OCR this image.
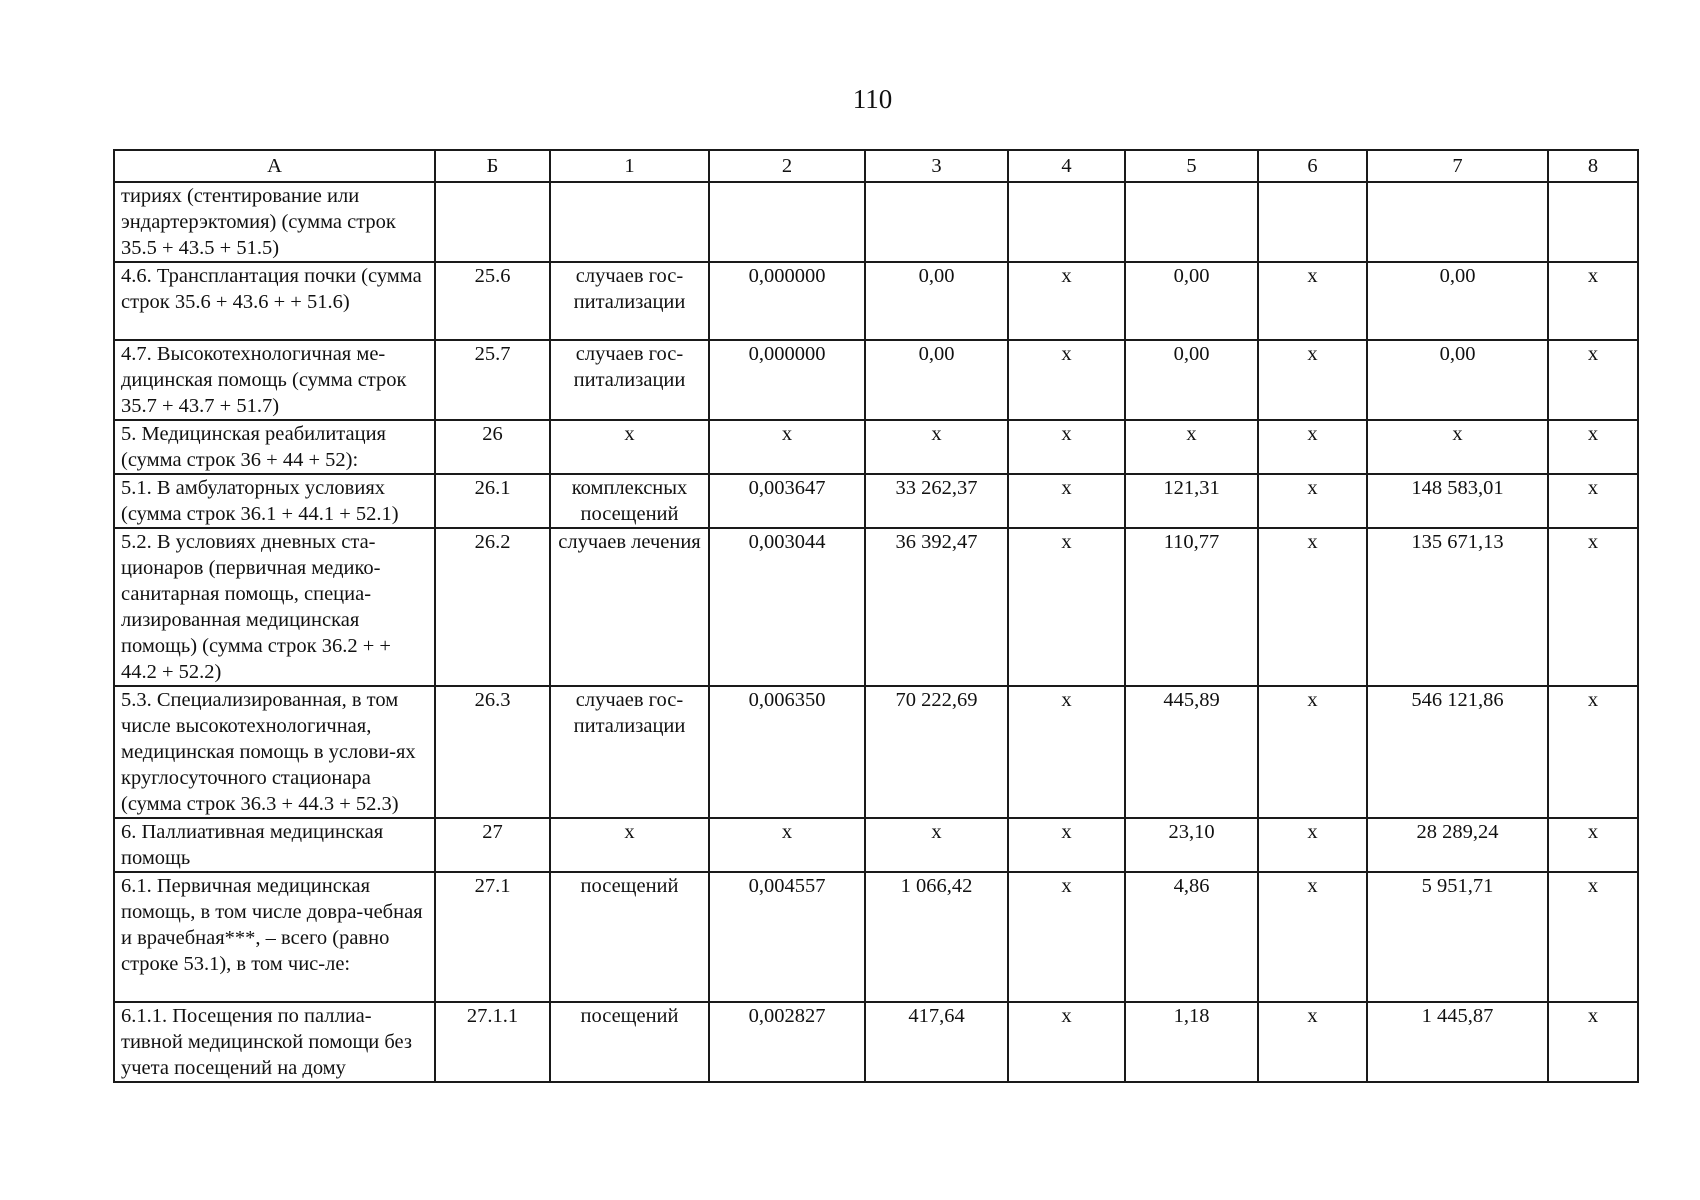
110
А	Б	1	2	3	4	5	6	7	8
тириях (стентирование или эндартерэктомия) (сумма строк 35.5 + 43.5 + 51.5)									
4.6. Трансплантация почки (сумма строк 35.6 + 43.6 + + 51.6)	25.6	случаев гос-питализации	0,000000	0,00	х	0,00	х	0,00	х
4.7. Высокотехнологичная ме-дицинская помощь (сумма строк 35.7 + 43.7 + 51.7)	25.7	случаев гос-питализации	0,000000	0,00	х	0,00	х	0,00	х
5. Медицинская реабилитация (сумма строк 36 + 44 + 52):	26	х	х	х	х	х	х	х	х
5.1. В амбулаторных условиях (сумма строк 36.1 + 44.1 + 52.1)	26.1	комплексных посещений	0,003647	33 262,37	х	121,31	х	148 583,01	х
5.2. В условиях дневных ста-ционаров (первичная медико-санитарная помощь, специа-лизированная медицинская помощь) (сумма строк 36.2 + + 44.2 + 52.2)	26.2	случаев лечения	0,003044	36 392,47	х	110,77	х	135 671,13	х
5.3. Специализированная, в том числе высокотехнологичная, медицинская помощь в услови-ях круглосуточного стационара (сумма строк 36.3 + 44.3 + 52.3)	26.3	случаев гос-питализации	0,006350	70 222,69	х	445,89	х	546 121,86	х
6. Паллиативная медицинская помощь	27	х	х	х	х	23,10	х	28 289,24	х
6.1. Первичная медицинская помощь, в том числе довра-чебная и врачебная***, – всего (равно строке 53.1), в том чис-ле:	27.1	посещений	0,004557	1 066,42	х	4,86	х	5 951,71	х
6.1.1. Посещения по паллиа-тивной медицинской помощи без учета посещений на дому	27.1.1	посещений	0,002827	417,64	х	1,18	х	1 445,87	х
